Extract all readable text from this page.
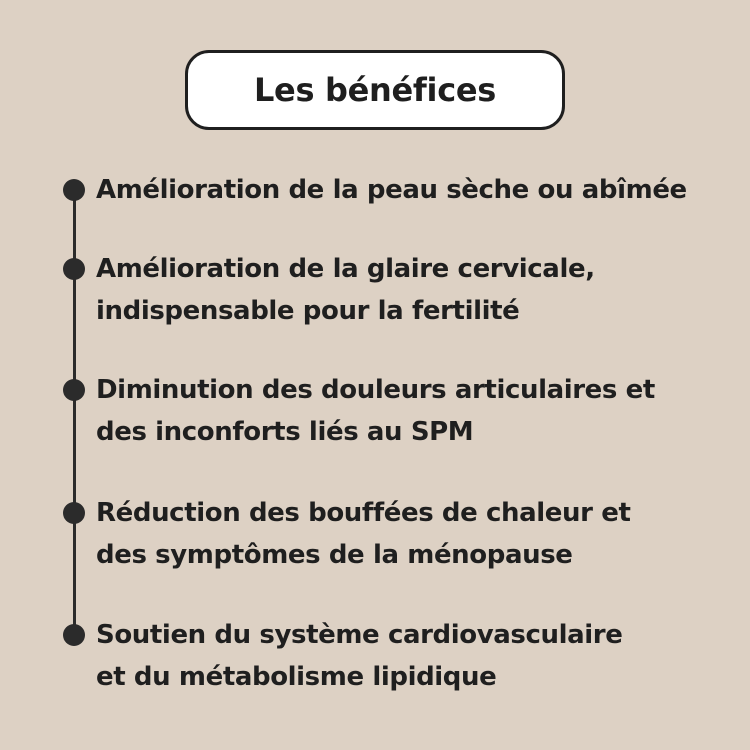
Les bénéfices
Amélioration de la peau sèche ou abîmée
Amélioration de la glaire cervicale,
indispensable pour la fertilité
Diminution des douleurs articulaires et
des inconforts liés au SPM
Réduction des bouffées de chaleur et
des symptômes de la ménopause
Soutien du système cardiovasculaire
et du métabolisme lipidique
